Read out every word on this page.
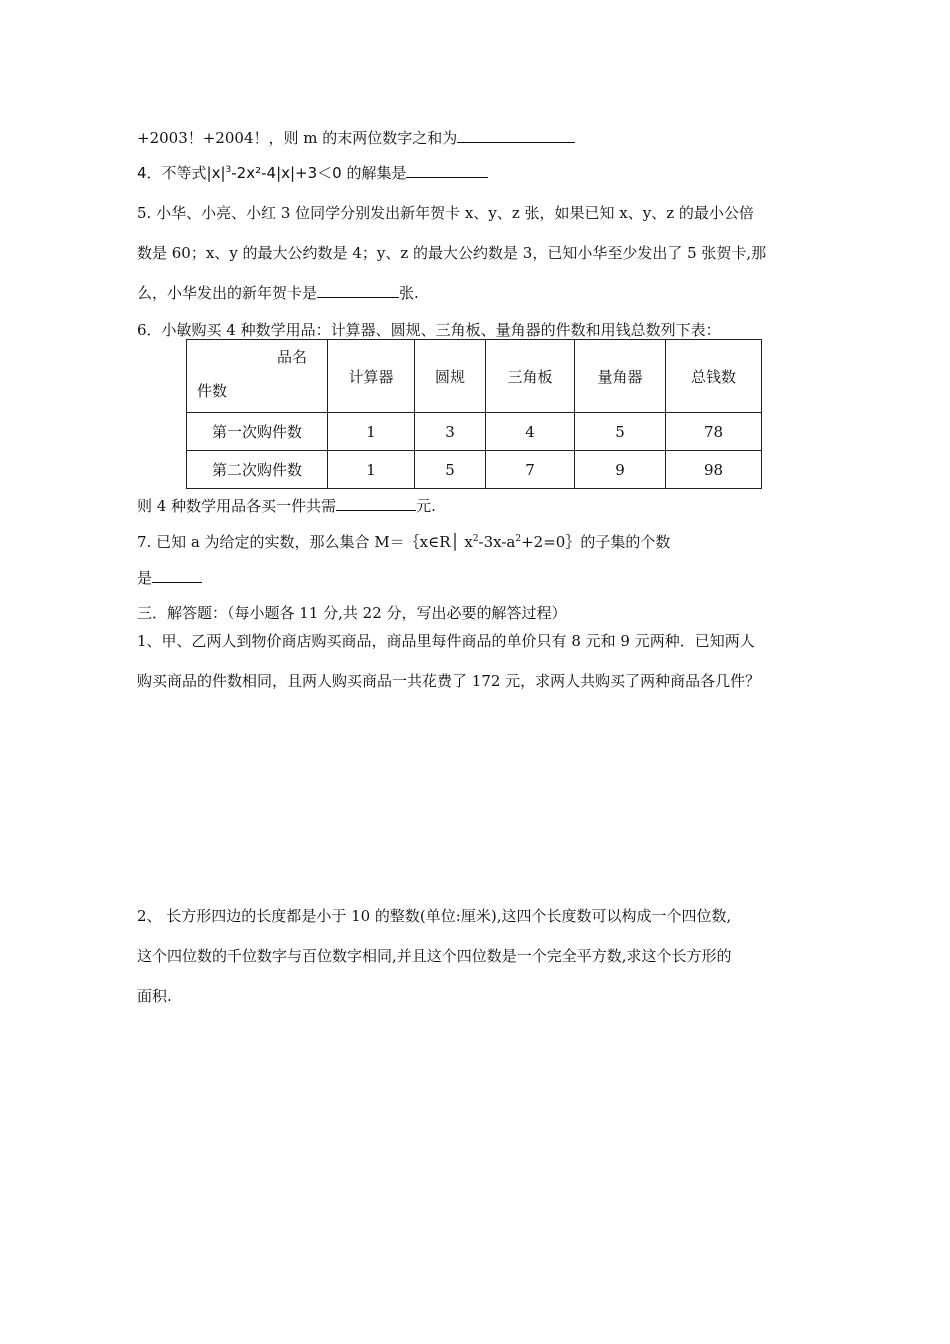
+2003！+2004！，则 m 的末两位数字之和为
4．不等式$|x|^3-2x^2-4|x|+3<0$ 的解集是
5. 小华、小亮、小红 3 位同学分别发出新年贺卡 x、y、z 张，如果已知 x、y、z 的最小公倍
数是 60；x、y 的最大公约数是 4；y、z 的最大公约数是 3，已知小华至少发出了 5 张贺卡,那
么，小华发出的新年贺卡是	张.
6．小敏购买 4 种数学用品：计算器、圆规、三角板、量角器的件数和用钱总数列下表：
品名
件数	计算器	圆规	三角板	量角器	总钱数
第一次购件数	1	3	4	5	78
第二次购件数	1	5	7	9	98
则 4 种数学用品各买一件共需	元.
7. 已知 a 为给定的实数，那么集合 M＝｛x∈R│ $x^2-3x-a^2+2=0\}$的子集的个数
是
三．解答题：（每小题各 11 分,共 22 分，写出必要的解答过程）
1、甲、乙两人到物价商店购买商品，商品里每件商品的单价只有 8 元和 9 元两种．已知两人
购买商品的件数相同，且两人购买商品一共花费了 172 元，求两人共购买了两种商品各几件？
2、 长方形四边的长度都是小于 10 的整数(单位:厘米),这四个长度数可以构成一个四位数,
这个四位数的千位数字与百位数字相同,并且这个四位数是一个完全平方数,求这个长方形的
面积.
